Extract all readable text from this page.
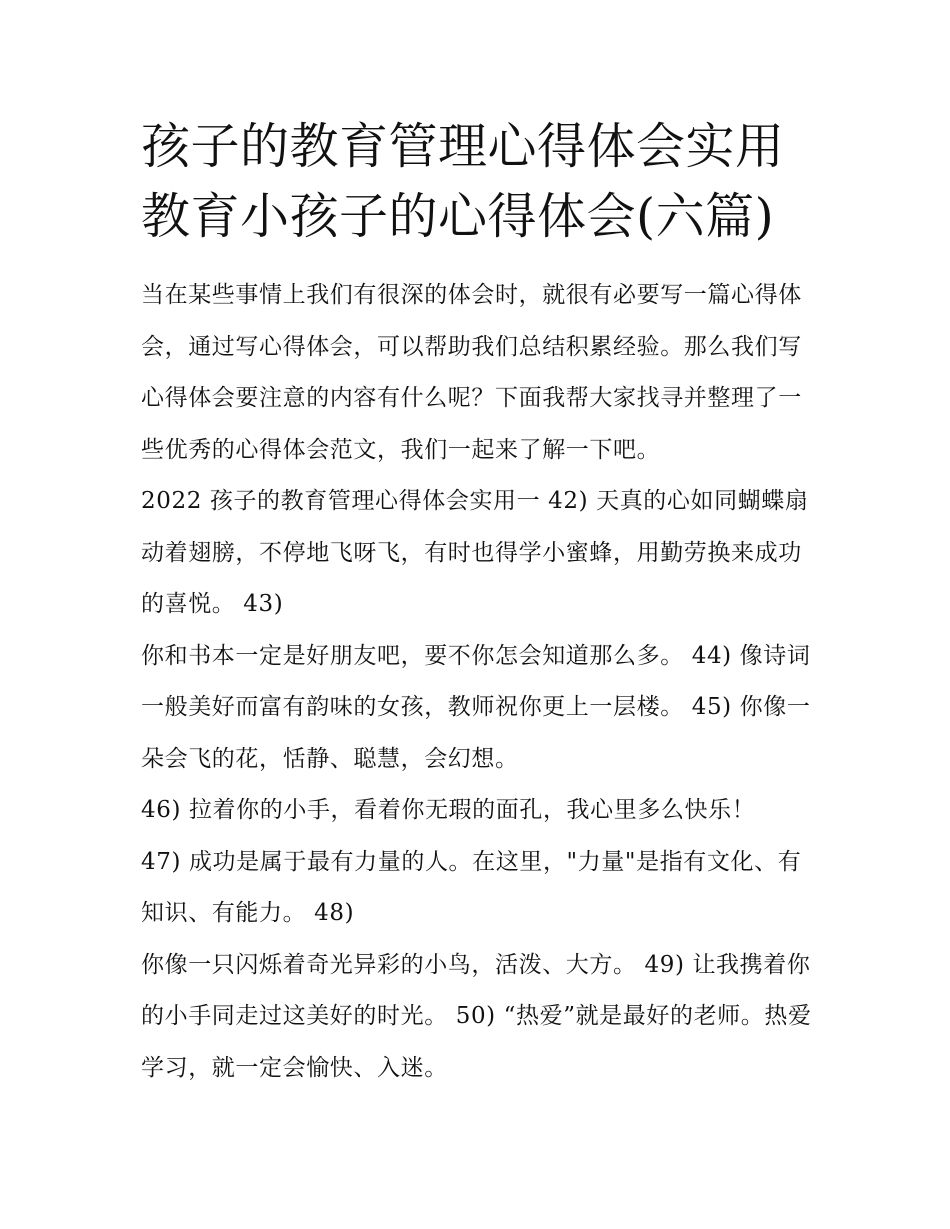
孩子的教育管理心得体会实用
教育小孩子的心得体会(六篇)

当在某些事情上我们有很深的体会时，就很有必要写一篇心得体会，通过写心得体会，可以帮助我们总结积累经验。那么我们写心得体会要注意的内容有什么呢？下面我帮大家找寻并整理了一些优秀的心得体会范文，我们一起来了解一下吧。

2022 孩子的教育管理心得体会实用一 42) 天真的心如同蝴蝶扇动着翅膀，不停地飞呀飞，有时也得学小蜜蜂，用勤劳换来成功的喜悦。 43)

你和书本一定是好朋友吧，要不你怎会知道那么多。 44) 像诗词一般美好而富有韵味的女孩，教师祝你更上一层楼。 45) 你像一朵会飞的花，恬静、聪慧，会幻想。

46) 拉着你的小手，看着你无瑕的面孔，我心里多么快乐！

47) 成功是属于最有力量的人。在这里，"力量"是指有文化、有知识、有能力。 48)

你像一只闪烁着奇光异彩的小鸟，活泼、大方。 49) 让我携着你的小手同走过这美好的时光。 50) “热爱”就是最好的老师。热爱学习，就一定会愉快、入迷。
